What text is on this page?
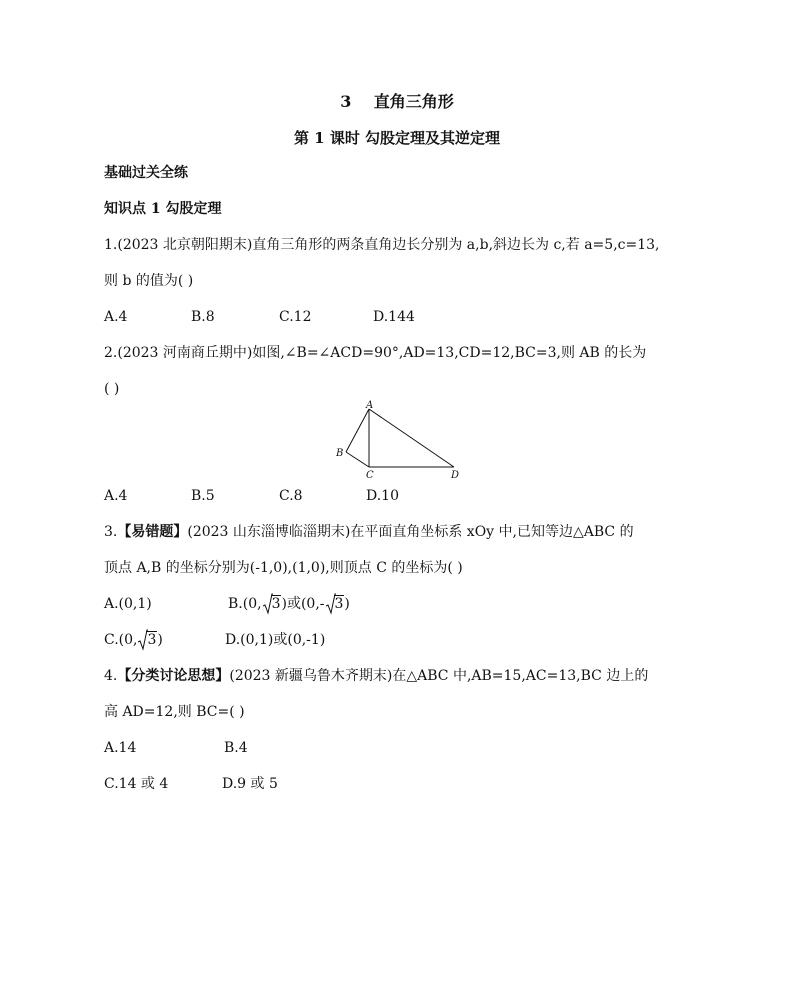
3 直角三角形
第 1 课时 勾股定理及其逆定理
基础过关全练
知识点 1 勾股定理
1.(2023 北京朝阳期末)直角三角形的两条直角边长分别为 a,b,斜边长为 c,若 a=5,c=13,
则 b 的值为( )
A.4	B.8	C.12	D.144
2.(2023 河南商丘期中)如图,∠B=∠ACD=90°,AD=13,CD=12,BC=3,则 AB 的长为
( )
A
B
C	D
A.4	B.5	C.8	D.10
3.【易错题】(2023 山东淄博临淄期末)在平面直角坐标系 xOy 中,已知等边△ABC 的
顶点 A,B 的坐标分别为(-1,0),(1,0),则顶点 C 的坐标为( )
A.(0,1)	B.(0, 3)或(0,- 3)
C.(0, 3)	D.(0,1)或(0,-1)
4.【分类讨论思想】(2023 新疆乌鲁木齐期末)在△ABC 中,AB=15,AC=13,BC 边上的
高 AD=12,则 BC=( )
A.14	B.4
C.14 或 4	D.9 或 5
